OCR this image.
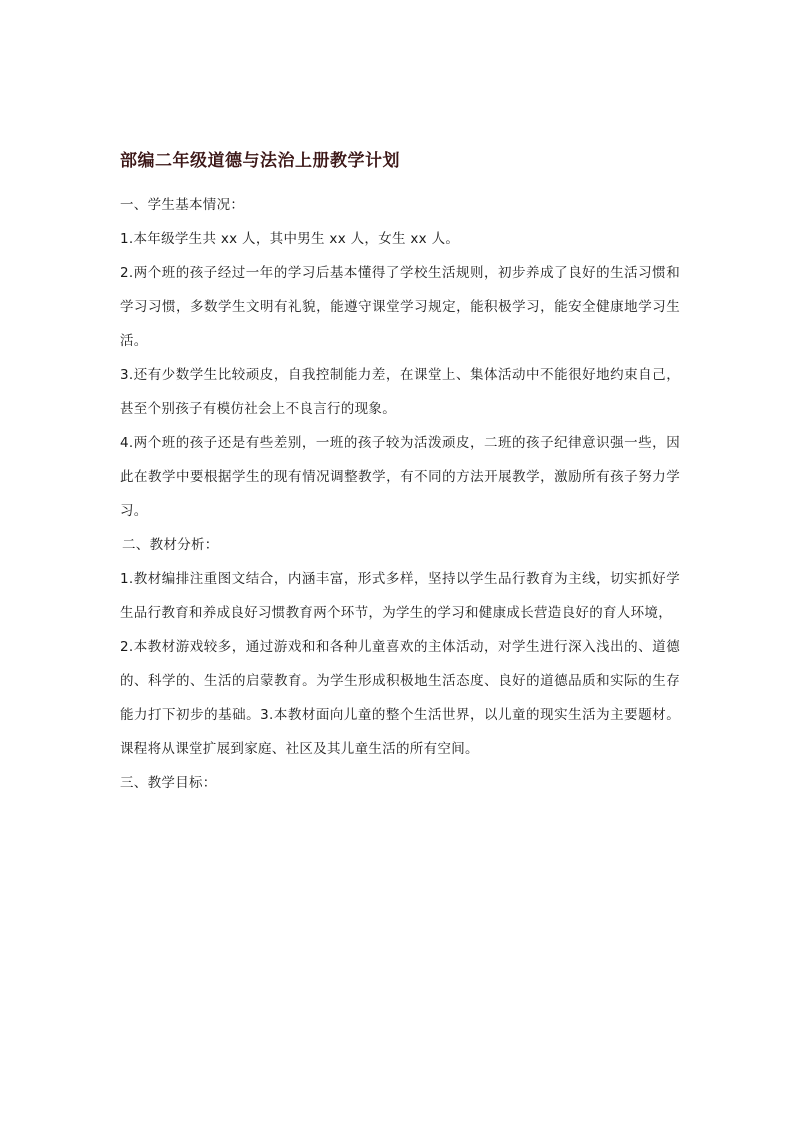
部编二年级道德与法治上册教学计划

一、学生基本情况：

1.本年级学生共 xx 人，其中男生 xx 人，女生 xx 人。

2.两个班的孩子经过一年的学习后基本懂得了学校生活规则，初步养成了良好的生活习惯和学习习惯，多数学生文明有礼貌，能遵守课堂学习规定，能积极学习，能安全健康地学习生活。

3.还有少数学生比较顽皮，自我控制能力差，在课堂上、集体活动中不能很好地约束自己，甚至个别孩子有模仿社会上不良言行的现象。

4.两个班的孩子还是有些差别，一班的孩子较为活泼顽皮，二班的孩子纪律意识强一些，因此在教学中要根据学生的现有情况调整教学，有不同的方法开展教学，激励所有孩子努力学习。

二、教材分析：

1.教材编排注重图文结合，内涵丰富，形式多样，坚持以学生品行教育为主线，切实抓好学生品行教育和养成良好习惯教育两个环节，为学生的学习和健康成长营造良好的育人环境，

2.本教材游戏较多，通过游戏和和各种儿童喜欢的主体活动，对学生进行深入浅出的、道德的、科学的、生活的启蒙教育。为学生形成积极地生活态度、良好的道德品质和实际的生存能力打下初步的基础。3.本教材面向儿童的整个生活世界，以儿童的现实生活为主要题材。课程将从课堂扩展到家庭、社区及其儿童生活的所有空间。

三、教学目标：
